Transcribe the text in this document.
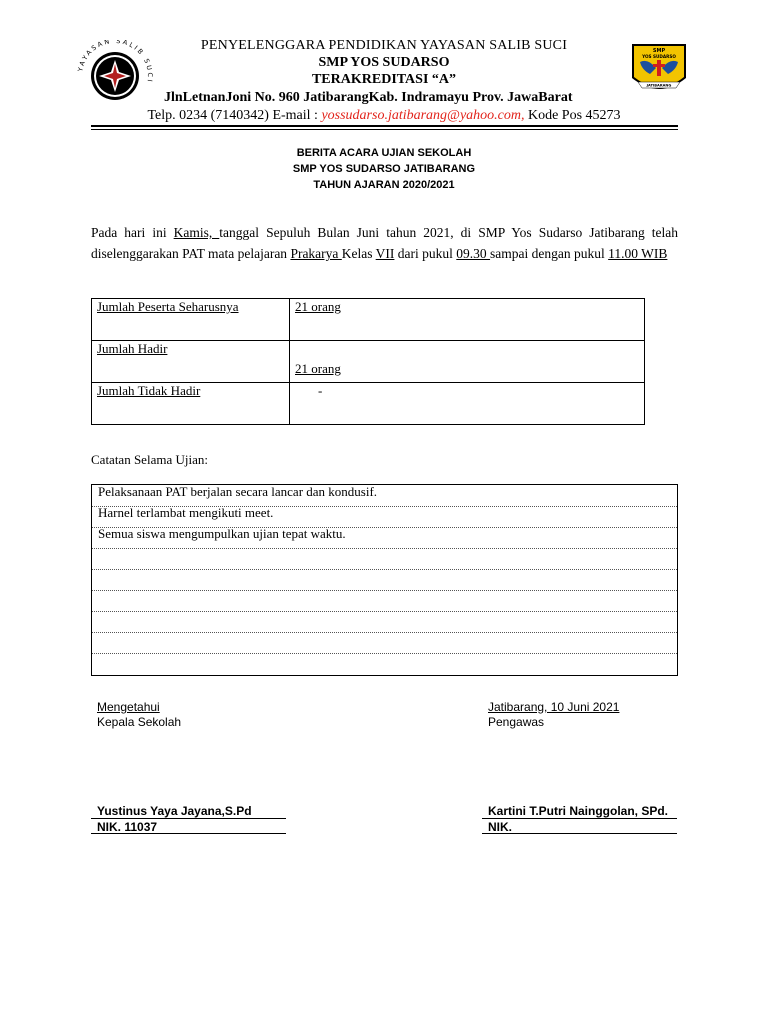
YAYASAN SALIB SUCI
SMP
YOS SUDARSO
JATIBARANG
PENYELENGGARA PENDIDIKAN YAYASAN SALIB SUCI
SMP YOS SUDARSO
TERAKREDITASI “A”
JlnLetnanJoni No. 960 JatibarangKab. Indramayu Prov. JawaBarat
Telp. 0234 (7140342) E-mail : yossudarso.jatibarang@yahoo.com, Kode Pos 45273
BERITA ACARA UJIAN SEKOLAH
SMP YOS SUDARSO JATIBARANG
TAHUN AJARAN 2020/2021
Pada hari ini Kamis, tanggal Sepuluh Bulan Juni tahun 2021, di SMP Yos Sudarso Jatibarang telah diselenggarakan PAT mata pelajaran Prakarya Kelas VII dari pukul 09.30 sampai dengan pukul 11.00 WIB
Jumlah Peserta Seharusnya	21 orang
Jumlah Hadir	21 orang
Jumlah Tidak Hadir	-
Catatan Selama Ujian:
Pelaksanaan PAT berjalan secara lancar dan kondusif.
Harnel terlambat mengikuti meet.
Semua siswa mengumpulkan ujian tepat waktu.
Mengetahui
Kepala Sekolah
Yustinus Yaya Jayana,S.Pd
NIK. 11037
Jatibarang, 10 Juni 2021
Pengawas
Kartini T.Putri Nainggolan, SPd.
NIK.
